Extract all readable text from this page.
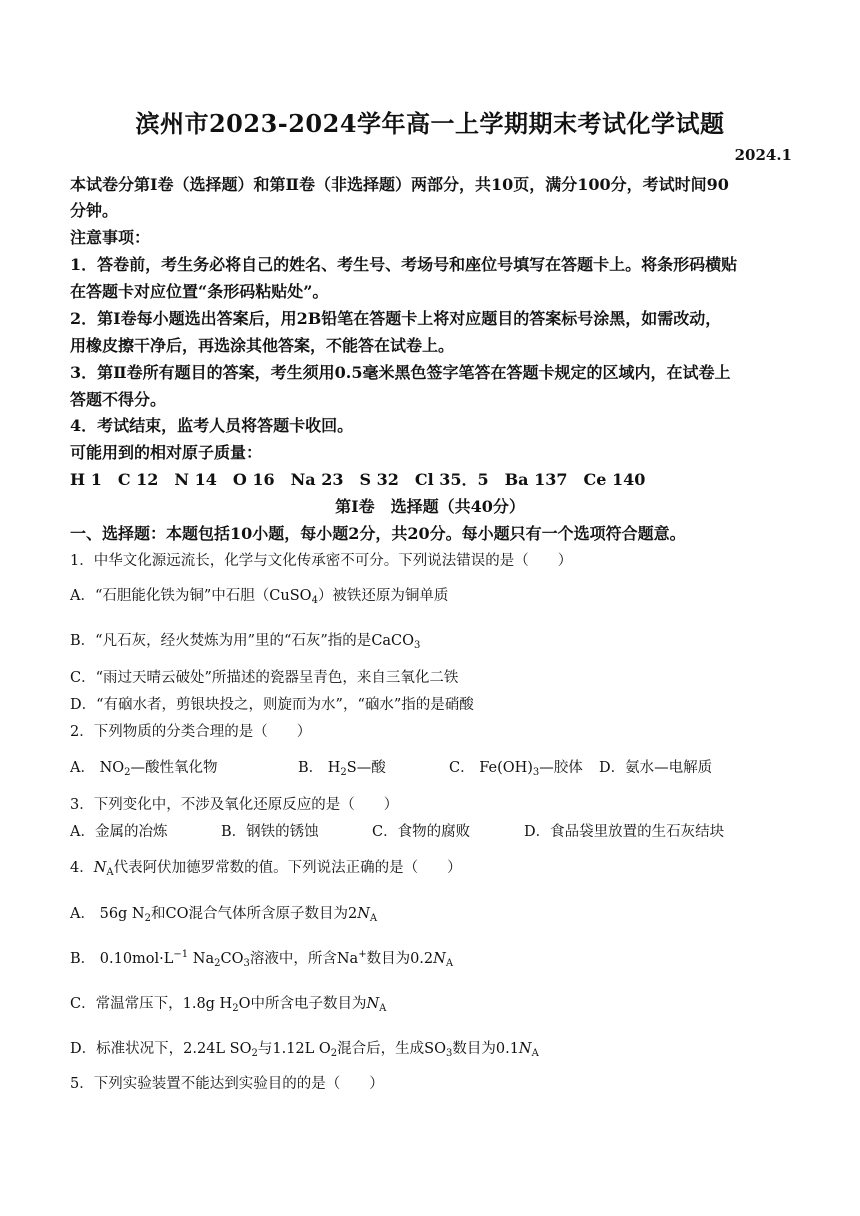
滨州市2023-2024学年高一上学期期末考试化学试题
2024.1
本试卷分第Ⅰ卷（选择题）和第Ⅱ卷（非选择题）两部分，共10页，满分100分，考试时间90
分钟。
注意事项：
1．答卷前，考生务必将自己的姓名、考生号、考场号和座位号填写在答题卡上。将条形码横贴
在答题卡对应位置“条形码粘贴处”。
2．第Ⅰ卷每小题选出答案后，用2B铅笔在答题卡上将对应题目的答案标号涂黑，如需改动，
用橡皮擦干净后，再选涂其他答案，不能答在试卷上。
3．第Ⅱ卷所有题目的答案，考生须用0.5毫米黑色签字笔答在答题卡规定的区域内，在试卷上
答题不得分。
4．考试结束，监考人员将答题卡收回。
可能用到的相对原子质量：
H 1　C 12　N 14　O 16　Na 23　S 32　Cl 35．5　Ba 137　Ce 140
第Ⅰ卷　选择题（共40分）
一、选择题：本题包括10小题，每小题2分，共20分。每小题只有一个选项符合题意。
1．中华文化源远流长，化学与文化传承密不可分。下列说法错误的是（　　）
A．“石胆能化铁为铜”中石胆（CuSO$_4$）被铁还原为铜单质
B．“凡石灰，经火焚炼为用”里的“石灰”指的是CaCO$_3$
C．“雨过天晴云破处”所描述的瓷器呈青色，来自三氧化二铁
D．“有硇水者，剪银块投之，则旋而为水”，“硇水”指的是硝酸
2．下列物质的分类合理的是（　　）
A． $NO_2—$酸性氧化物	B． $H_2S—$酸	C． $Fe(OH)_3—$胶体 D．氨水—电解质
3．下列变化中，不涉及氧化还原反应的是（　　）
A．金属的冶炼	B．钢铁的锈蚀	C．食物的腐败	D．食品袋里放置的生石灰结块
4．$N_A$代表阿伏加德罗常数的值。下列说法正确的是（　　）
A． 56g $N_2$和CO混合气体所含原子数目为$2N_A$
B． $0.10mol\cdot L^{-1}$ $Na_2CO_3$溶液中，所含Na+数目为$0.2N_A$
C．常温常压下，1.8g $H_2O$中所含电子数目为$N_A$
D．标准状况下，2.24L $SO_2$与1.12L $O_2$混合后，生成$SO_3$数目为$0.1N_A$
5．下列实验装置不能达到实验目的的是（　　）
